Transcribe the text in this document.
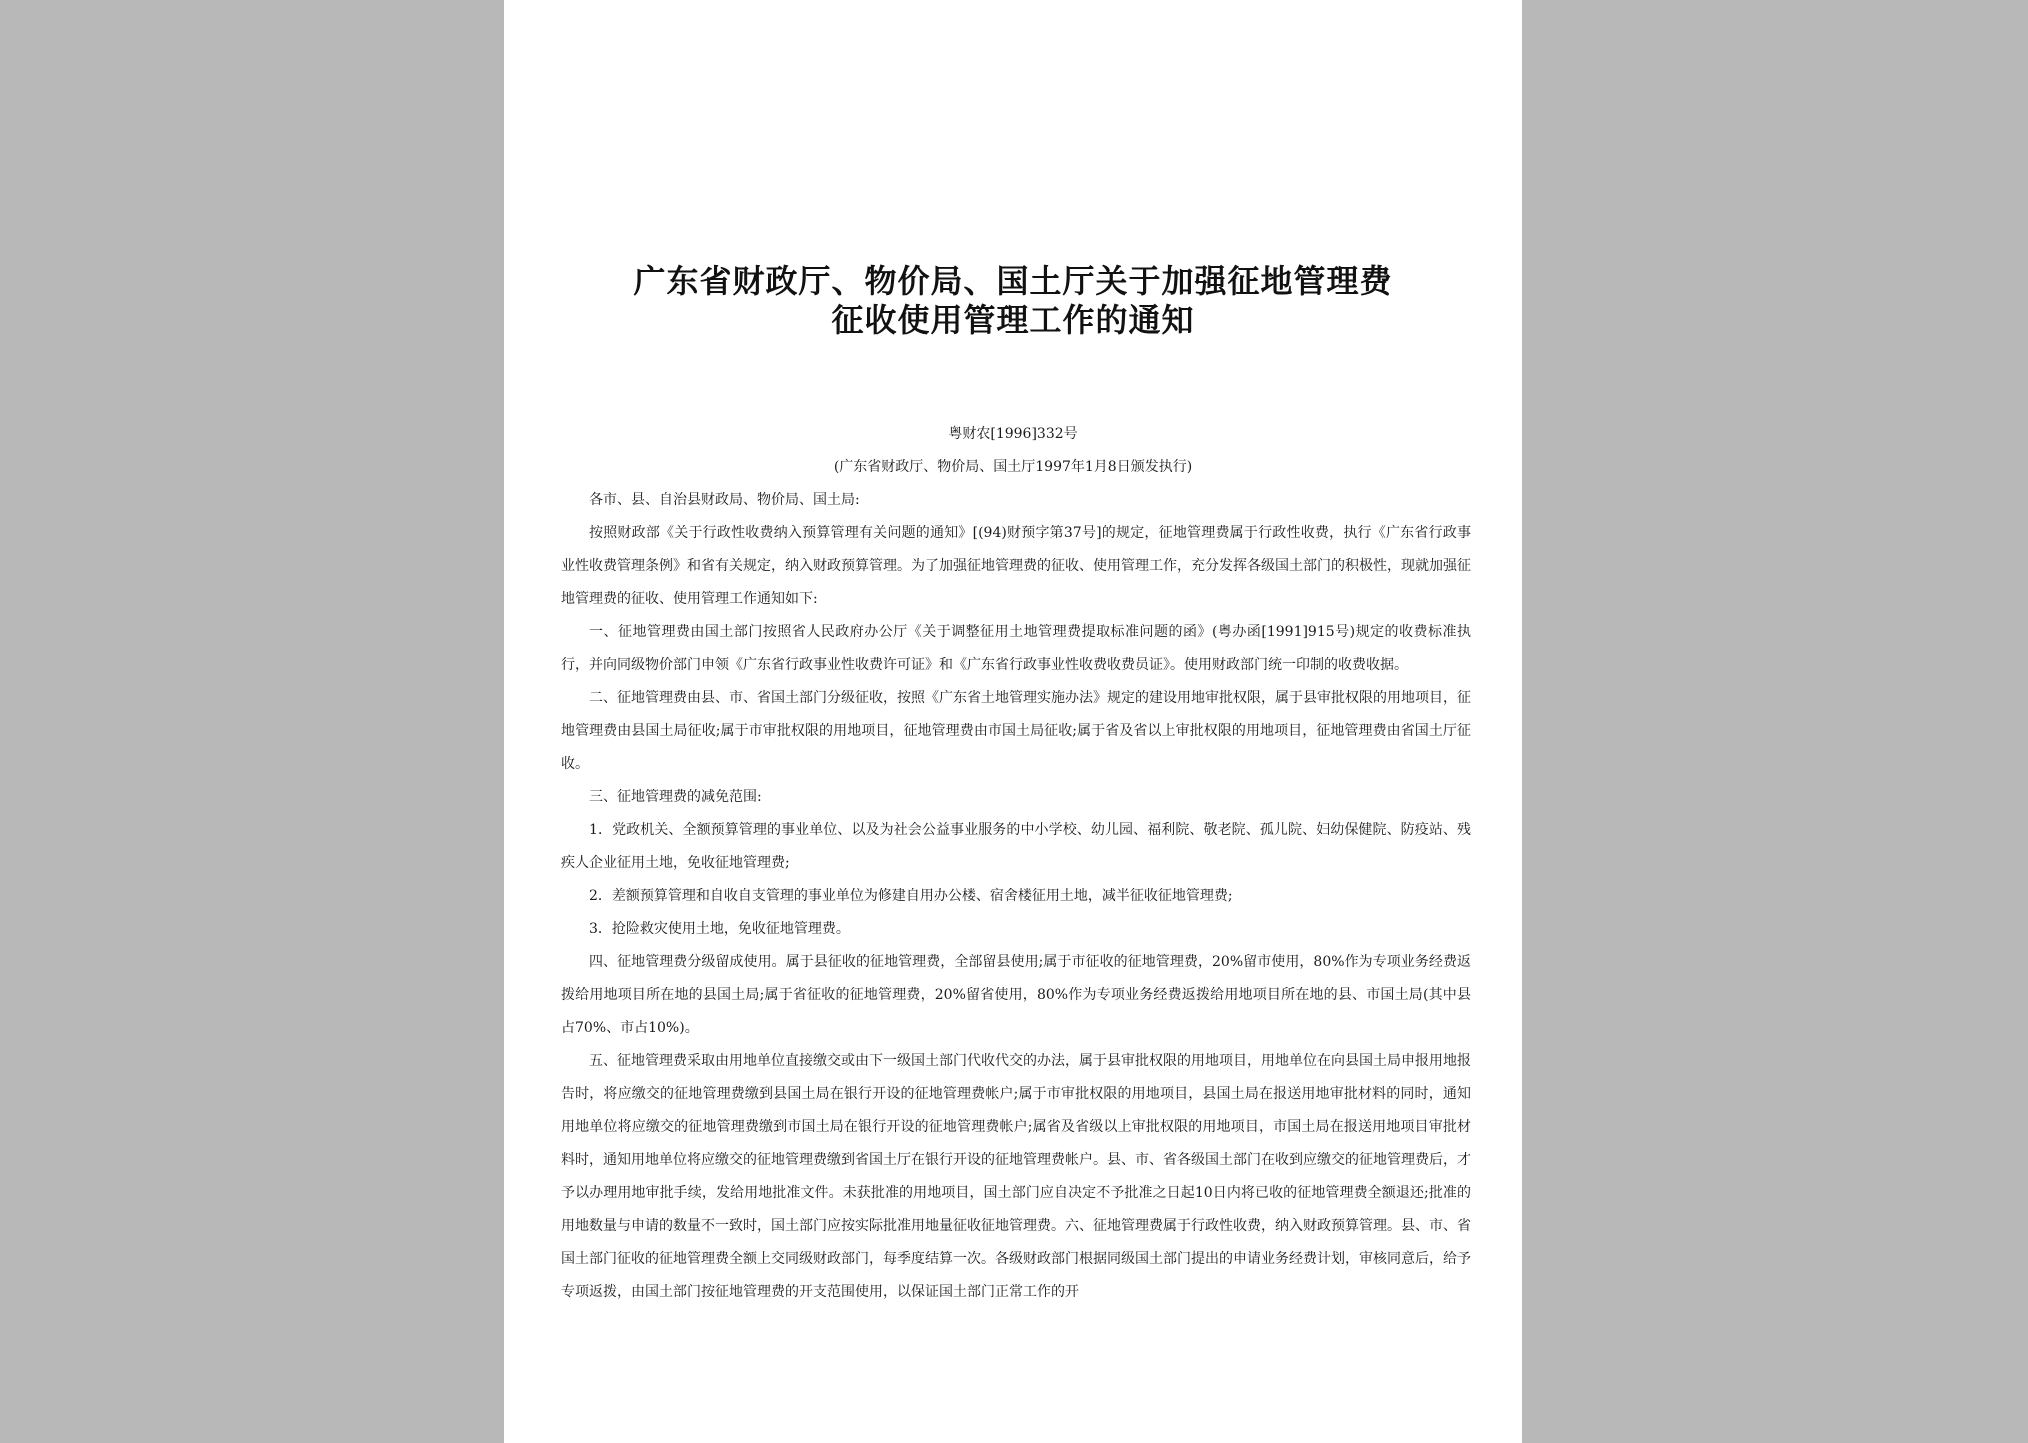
广东省财政厅、物价局、国土厅关于加强征地管理费
征收使用管理工作的通知
粤财农[1996]332号
(广东省财政厅、物价局、国土厅1997年1月8日颁发执行)

各市、县、自治县财政局、物价局、国土局:

按照财政部《关于行政性收费纳入预算管理有关问题的通知》[(94)财预字第37号]的规定，征地管理费属于行政性收费，执行《广东省行政事业性收费管理条例》和省有关规定，纳入财政预算管理。为了加强征地管理费的征收、使用管理工作，充分发挥各级国土部门的积极性，现就加强征地管理费的征收、使用管理工作通知如下:

一、征地管理费由国土部门按照省人民政府办公厅《关于调整征用土地管理费提取标准问题的函》(粤办函[1991]915号)规定的收费标准执行，并向同级物价部门申领《广东省行政事业性收费许可证》和《广东省行政事业性收费收费员证》。使用财政部门统一印制的收费收据。

二、征地管理费由县、市、省国土部门分级征收，按照《广东省土地管理实施办法》规定的建设用地审批权限，属于县审批权限的用地项目，征地管理费由县国土局征收;属于市审批权限的用地项目，征地管理费由市国土局征收;属于省及省以上审批权限的用地项目，征地管理费由省国土厅征收。

三、征地管理费的减免范围:

1．党政机关、全额预算管理的事业单位、以及为社会公益事业服务的中小学校、幼儿园、福利院、敬老院、孤儿院、妇幼保健院、防疫站、残疾人企业征用土地，免收征地管理费;

2．差额预算管理和自收自支管理的事业单位为修建自用办公楼、宿舍楼征用土地，减半征收征地管理费;

3．抢险救灾使用土地，免收征地管理费。

四、征地管理费分级留成使用。属于县征收的征地管理费，全部留县使用;属于市征收的征地管理费，20%留市使用，80%作为专项业务经费返拨给用地项目所在地的县国土局;属于省征收的征地管理费，20%留省使用，80%作为专项业务经费返拨给用地项目所在地的县、市国土局(其中县占70%、市占10%)。

五、征地管理费采取由用地单位直接缴交或由下一级国土部门代收代交的办法，属于县审批权限的用地项目，用地单位在向县国土局申报用地报告时，将应缴交的征地管理费缴到县国土局在银行开设的征地管理费帐户;属于市审批权限的用地项目，县国土局在报送用地审批材料的同时，通知用地单位将应缴交的征地管理费缴到市国土局在银行开设的征地管理费帐户;属省及省级以上审批权限的用地项目，市国土局在报送用地项目审批材料时，通知用地单位将应缴交的征地管理费缴到省国土厅在银行开设的征地管理费帐户。县、市、省各级国土部门在收到应缴交的征地管理费后，才予以办理用地审批手续，发给用地批准文件。未获批准的用地项目，国土部门应自决定不予批准之日起10日内将已收的征地管理费全额退还;批准的用地数量与申请的数量不一致时，国土部门应按实际批准用地量征收征地管理费。六、征地管理费属于行政性收费，纳入财政预算管理。县、市、省国土部门征收的征地管理费全额上交同级财政部门，每季度结算一次。各级财政部门根据同级国土部门提出的申请业务经费计划，审核同意后，给予专项返拨，由国土部门按征地管理费的开支范围使用，以保证国土部门正常工作的开
